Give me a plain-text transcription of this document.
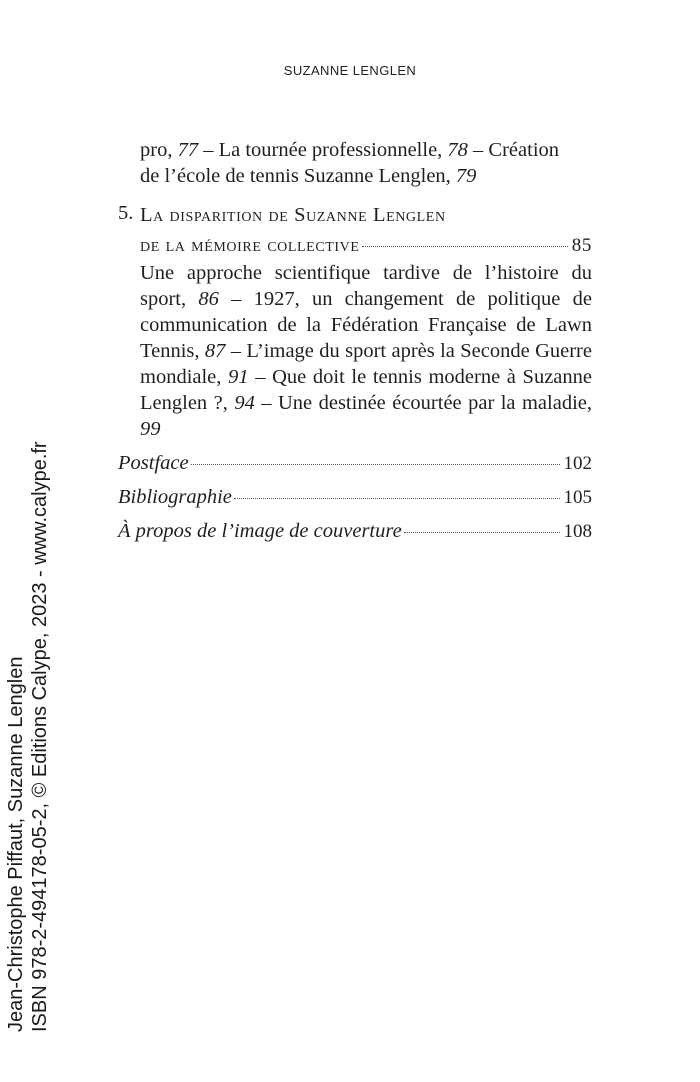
SUZANNE LENGLEN
pro, 77 – La tournée professionnelle, 78 – Création
de l’école de tennis Suzanne Lenglen, 79
5. La disparition de Suzanne Lenglen
de la mémoire collective	85

Une approche scientifique tardive de l’histoire du sport, 86 – 1927, un changement de politique de communication de la Fédération Française de Lawn Tennis, 87 – L’image du sport après la Seconde Guerre mondiale, 91 – Que doit le tennis moderne à Suzanne Lenglen ?, 94 – Une destinée écourtée par la maladie, 99

Postface	102
Bibliographie	105
À propos de l’image de couverture	108
Jean-Christophe Piffaut, Suzanne Lenglen ISBN 978-2-494178-05-2, © Editions Calype, 2023 - www.calype.fr
